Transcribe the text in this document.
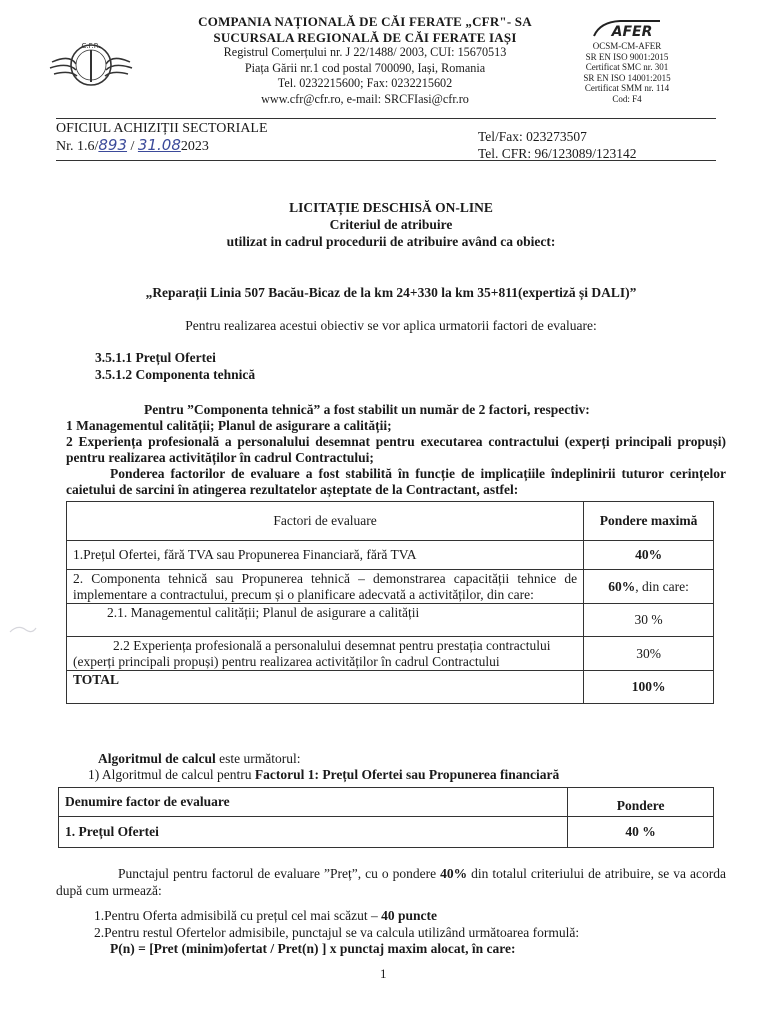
C.F.R.
COMPANIA NAȚIONALĂ DE CĂI FERATE „CFR"- SA
SUCURSALA REGIONALĂ DE CĂI FERATE IAȘI
Registrul Comerțului nr. J 22/1488/ 2003, CUI: 15670513
Piața Gării nr.1 cod postal 700090, Iași, Romania
Tel. 0232215600; Fax: 0232215602
www.cfr@cfr.ro, e-mail: SRCFIasi@cfr.ro
AFER
OCSM-CM-AFER
SR EN ISO 9001:2015
Certificat SMC nr. 301
SR EN ISO 14001:2015
Certificat SMM nr. 114
Cod: F4
OFICIUL ACHIZIȚII SECTORIALE
Nr. 1.6/893 / 31.082023
Tel/Fax: 023273507
Tel. CFR: 96/123089/123142
LICITAȚIE DESCHISĂ ON-LINE
Criteriul de atribuire
utilizat in cadrul procedurii de atribuire având ca obiect:
„Reparații Linia 507 Bacău-Bicaz de la km 24+330 la km 35+811(expertiză și DALI)”
Pentru realizarea acestui obiectiv se vor aplica urmatorii factori de evaluare:
3.5.1.1 Prețul Ofertei
3.5.1.2 Componenta tehnică
Pentru ”Componenta tehnică” a fost stabilit un număr de 2 factori, respectiv:
1 Managementul calității; Planul de asigurare a calității;
2 Experiența profesională a personalului desemnat pentru executarea contractului (experți principali propuși) pentru realizarea activităților în cadrul Contractului;
Ponderea factorilor de evaluare a fost stabilită în funcție de implicațiile îndeplinirii tuturor cerințelor caietului de sarcini în atingerea rezultatelor așteptate de la Contractant, astfel:
Factori de evaluare	Pondere maximă
1.Prețul Ofertei, fără TVA sau Propunerea Financiară, fără TVA	40%
2. Componenta tehnică sau Propunerea tehnică – demonstrarea capacității tehnice de implementare a contractului, precum și o planificare adecvată a activităților, din care:	60%, din care:
2.1. Managementul calității; Planul de asigurare a calității	30 %
2.2 Experiența profesională a personalului desemnat pentru prestația contractului (experți principali propuși) pentru realizarea activităților în cadrul Contractului	30%
TOTAL	100%
Algoritmul de calcul este următorul:
1) Algoritmul de calcul pentru Factorul 1: Prețul Ofertei sau Propunerea financiară
Denumire factor de evaluare	Pondere
1. Prețul Ofertei	40 %
Punctajul pentru factorul de evaluare ”Preț”, cu o pondere 40% din totalul criteriului de atribuire, se va acorda după cum urmează:
1.Pentru Oferta admisibilă cu prețul cel mai scăzut – 40 puncte
2.Pentru restul Ofertelor admisibile, punctajul se va calcula utilizând următoarea formulă:
P(n) = [Pret (minim)ofertat / Pret(n) ] x punctaj maxim alocat, în care:
1
